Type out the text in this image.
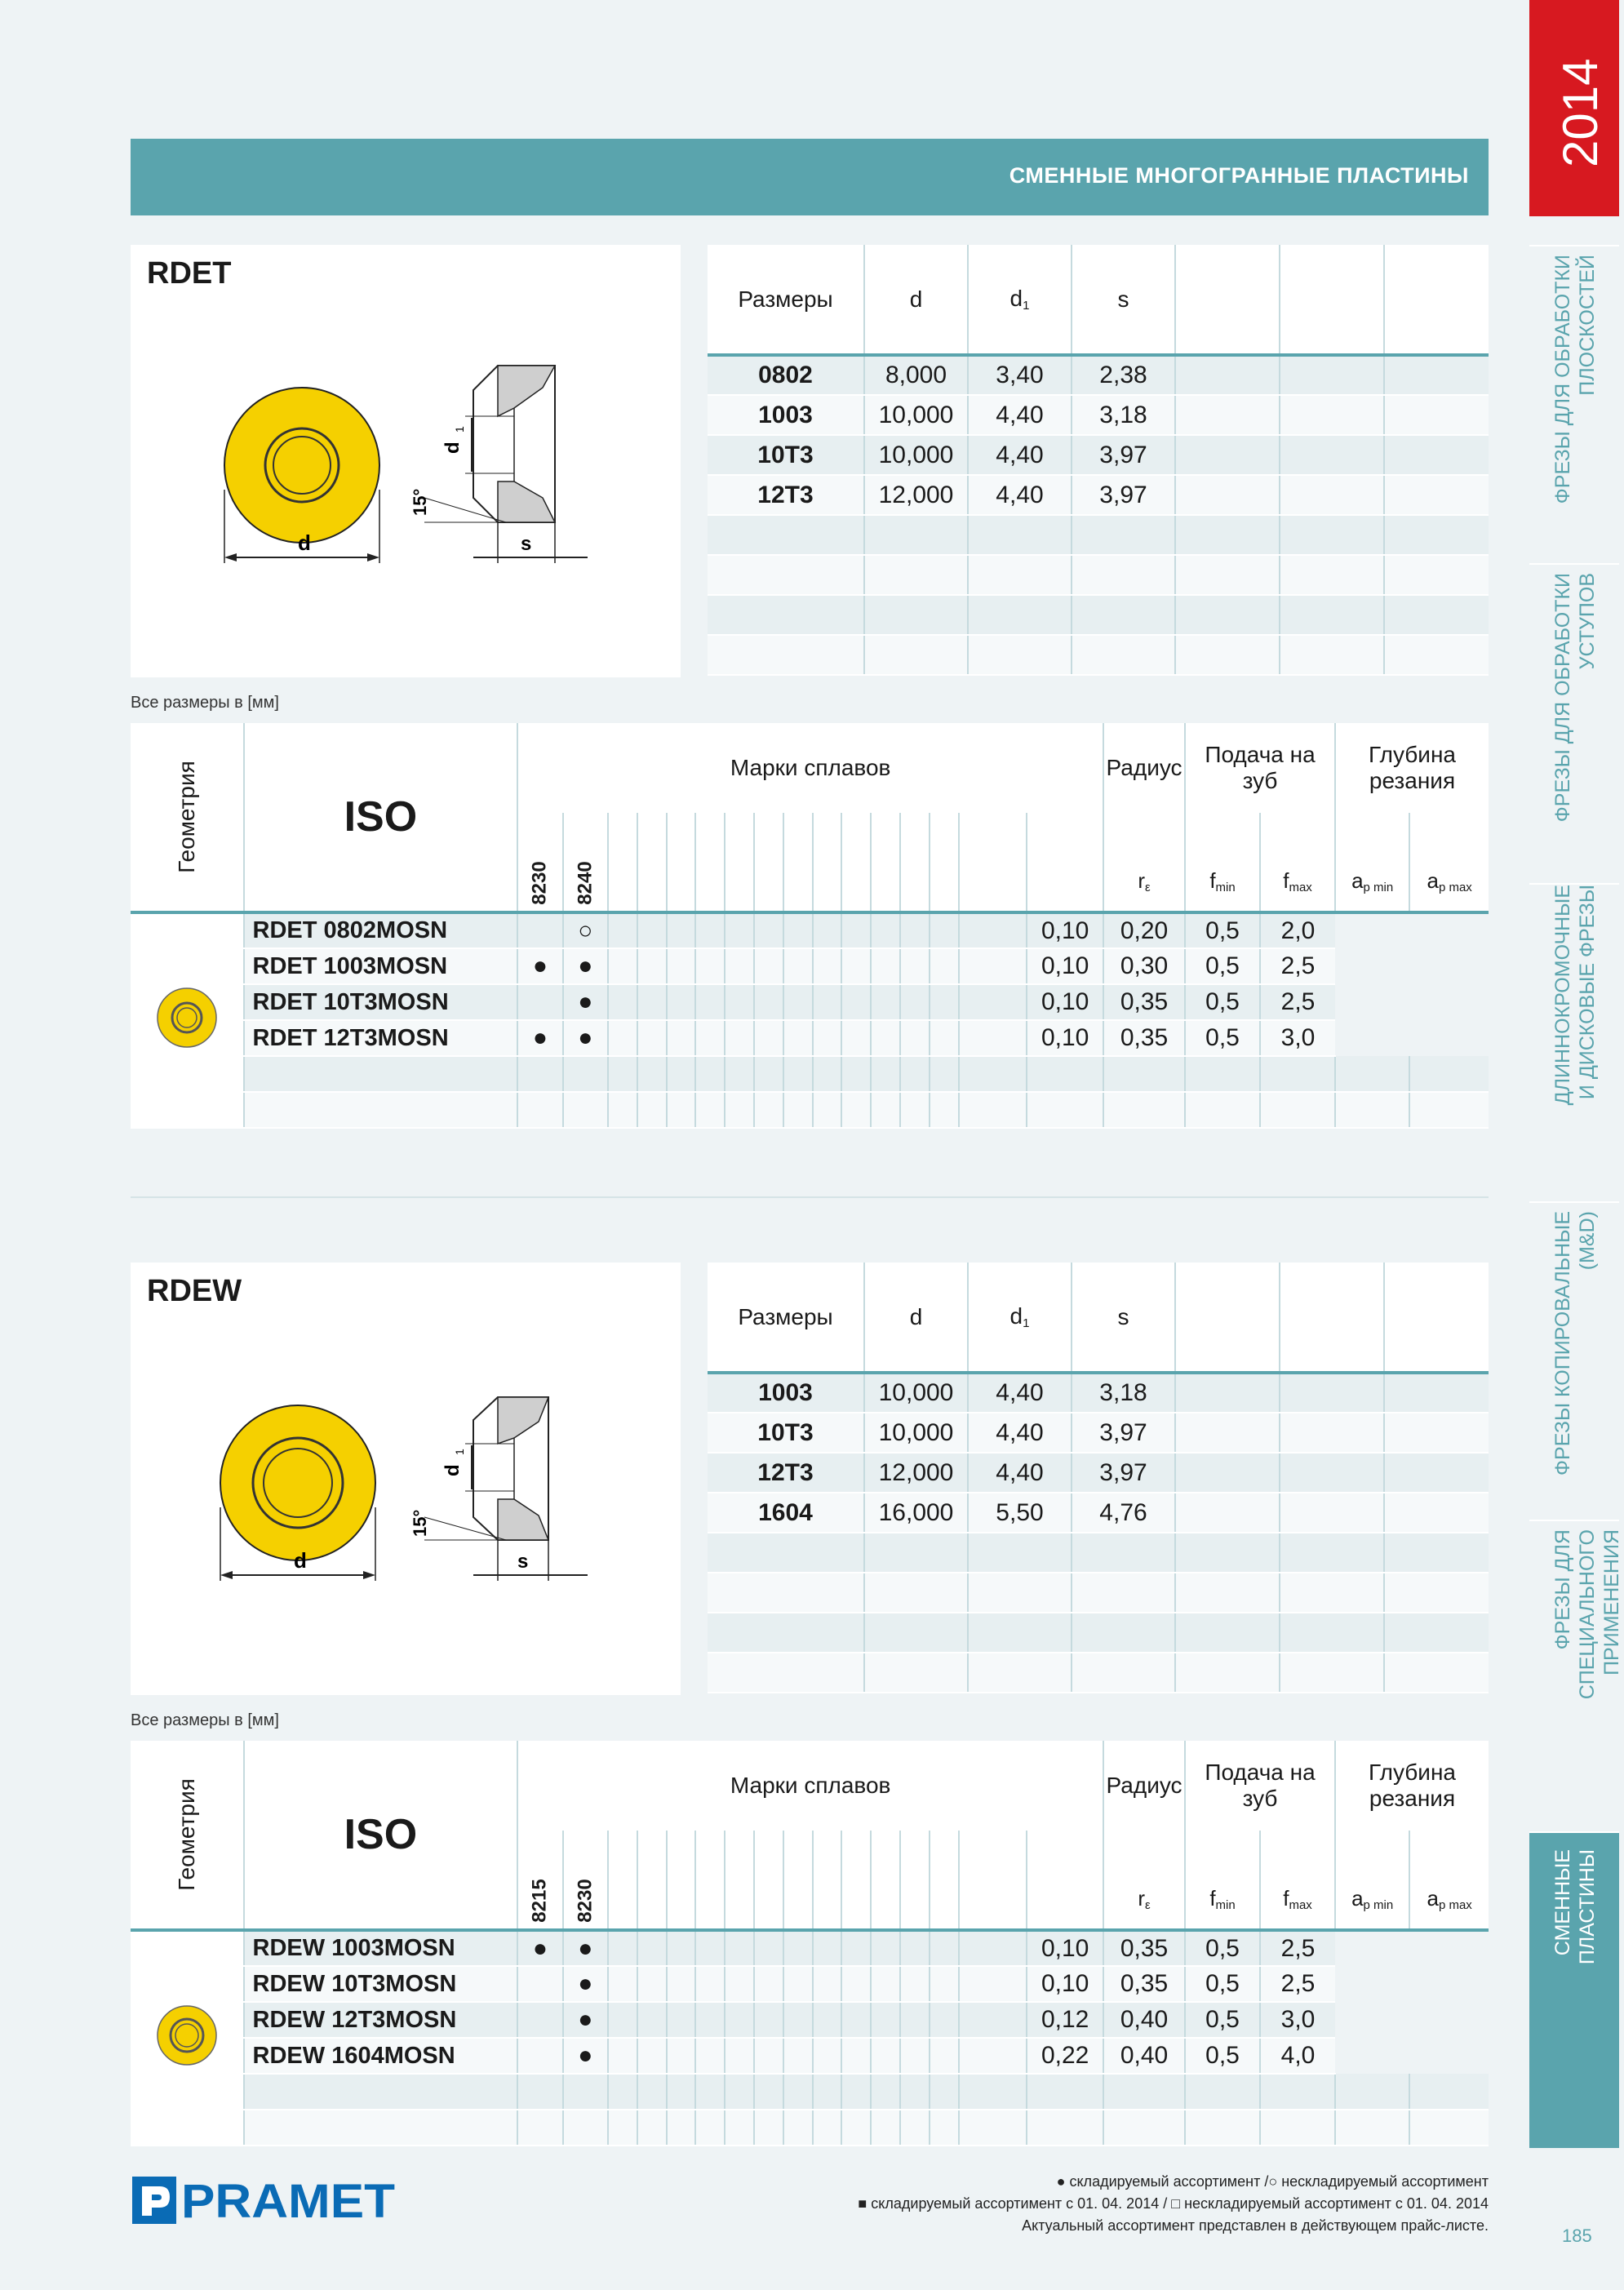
СМЕННЫЕ МНОГОГРАННЫЕ ПЛАСТИНЫ
2014
ФРЕЗЫ ДЛЯ ОБРАБОТКИ
ПЛОСКОСТЕЙ
ФРЕЗЫ ДЛЯ ОБРАБОТКИ
УСТУПОВ
ДЛИННОКРОМОЧНЫЕ
И ДИСКОВЫЕ ФРЕЗЫ
ФРЕЗЫ КОПИРОВАЛЬНЫЕ
(M&D)
ФРЕЗЫ ДЛЯ СПЕЦИАЛЬНОГО
ПРИМЕНЕНИЯ
СМЕННЫЕ
ПЛАСТИНЫ
185
RDET
d
d
1
15°
s
Размеры	d	$d_1$	s			
0802	8,000	3,40	2,38			
1003	10,000	4,40	3,18			
10T3	10,000	4,40	3,97			
12T3	12,000	4,40	3,97			

Все размеры в [мм]
Геометрия	ISO	Марки сплавов																Радиус	Подача на зуб		Глубина резания	
		8230	8240															$r_\varepsilon$	$f_{min}$	$f_{max}$	$a_{p min}$	$a_{p max}$
	RDET 0802MOSN		○														0,10	0,20	0,5	2,0		
	RDET 1003MOSN	●	●														0,10	0,30	0,5	2,5		
	RDET 10T3MOSN		●														0,10	0,35	0,5	2,5		
	RDET 12T3MOSN	●	●														0,10	0,35	0,5	3,0		

RDEW
d
d
1
15°
s
Размеры	d	$d_1$	s			
1003	10,000	4,40	3,18			
10T3	10,000	4,40	3,97			
12T3	12,000	4,40	3,97			
1604	16,000	5,50	4,76			

Все размеры в [мм]
Геометрия	ISO	Марки сплавов																Радиус	Подача на зуб		Глубина резания	
		8215	8230															$r_\varepsilon$	$f_{min}$	$f_{max}$	$a_{p min}$	$a_{p max}$
	RDEW 1003MOSN	●	●														0,10	0,35	0,5	2,5		
	RDEW 10T3MOSN		●														0,10	0,35	0,5	2,5		
	RDEW 12T3MOSN		●														0,12	0,40	0,5	3,0		
	RDEW 1604MOSN		●														0,22	0,40	0,5	4,0		

PRAMET	● складируемый ассортимент /○ нескладируемый ассортимент
■ складируемый ассортимент с 01. 04. 2014 / □ нескладируемый ассортимент с 01. 04. 2014
Актуальный ассортимент представлен в действующем прайс-листе.
